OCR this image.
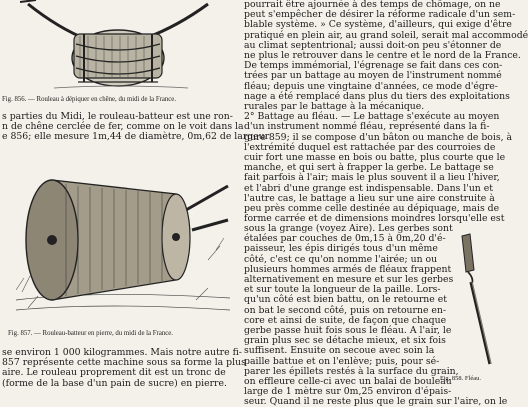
Fig. 856. — Rouleau à dépiquer en chêne, du midi de la France.
s parties du Midi, le rouleau-batteur est une ron-
n de chêne cerclée de fer, comme on le voit dans la
e 856; elle mesure 1m,44 de diamètre, 0m,62 de largeur
Fig. 857. — Rouleau-batteur en pierre, du midi de la France.
se environ 1 000 kilogrammes. Mais notre autre fi-
857 représente cette machine sous sa forme la plus
aire. Le rouleau proprement dit est un tronc de
(forme de la base d'un pain de sucre) en pierre.
pourrait être ajournée à des temps de chômage, on ne
peut s'empêcher de désirer la réforme radicale d'un sem-
blable système. » Ce système, d'ailleurs, qui exige d'être
pratiqué en plein air, au grand soleil, serait mal accommodé
au climat septentrional; aussi doit-on peu s'étonner de
ne plus le retrouver dans le centre et le nord de la France.
De temps immémorial, l'égrenage se fait dans ces con-
trées par un battage au moyen de l'instrument nommé
fléau; depuis une vingtaine d'années, ce mode d'égre-
nage a été remplacé dans plus du tiers des exploitations
rurales par le battage à la mécanique.
2° Battage au fléau. — Le battage s'exécute au moyen
d'un instrument nommé fléau, représenté dans la fi-
gure 859; il se compose d'un bâton ou manche de bois, à
l'extrémité duquel est rattachée par des courroies de
cuir fort une masse en bois ou batte, plus courte que le
manche, et qui sert à frapper la gerbe. Le battage se
fait parfois à l'air; mais le plus souvent il a lieu l'hiver,
et l'abri d'une grange est indispensable. Dans l'un et
l'autre cas, le battage a lieu sur une aire construite à
peu près comme celle destinée au dépiquage, mais de
forme carrée et de dimensions moindres lorsqu'elle est
sous la grange (voyez Aire). Les gerbes sont
étalées par couches de 0m,15 à 0m,20 d'é-
paisseur, les épis dirigés tous d'un même
côté, c'est ce qu'on nomme l'airée; un ou
plusieurs hommes armés de fléaux frappent
alternativement en mesure et sur les gerbes
et sur toute la longueur de la paille. Lors-
qu'un côté est bien battu, on le retourne et
on bat le second côté, puis on retourne en-
core et ainsi de suite, de façon que chaque
gerbe passe huit fois sous le fléau. A l'air, le
grain plus sec se détache mieux, et six fois
suffisent. Ensuite on secoue avec soin la
paille battue et on l'enlève; puis, pour sé-
parer les épillets restés à la surface du grain,
on effleure celle-ci avec un balai de bouleau
large de 1 mètre sur 0m,25 environ d'épais-
seur. Quand il ne reste plus que le grain sur l'aire, on le
Fig. 858. Fléau.
